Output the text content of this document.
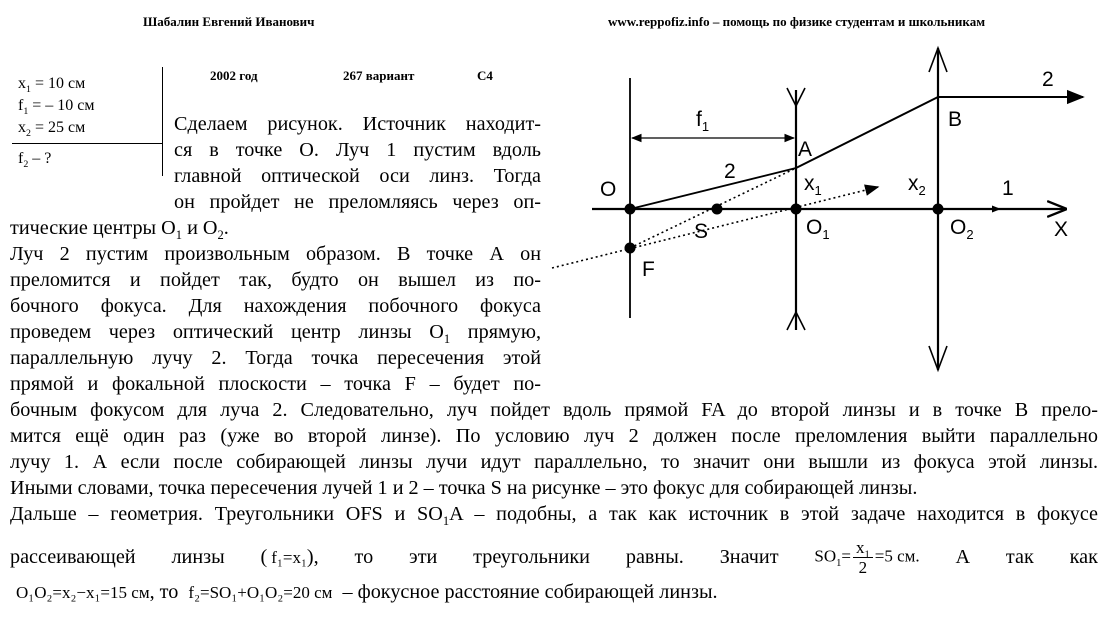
Шабалин Евгений Иванович	www.reppofiz.info – помощь по физике студентам и школьникам
2002 год	267 вариант	С4
$x_1 = 10$ см
$f_1$ = – 10 см
$x_2 = 25$ см
$f_2$ – ?
Сделаем рисунок. Источник находит-
ся в точке О. Луч 1 пустим вдоль
главной оптической оси линз. Тогда
он пройдет не преломляясь через оп-
тические центры $О_1$ и $О_2$.
Луч 2 пустим произвольным образом. В точке А он
преломится и пойдет так, будто он вышел из по-
бочного фокуса. Для нахождения побочного фокуса
проведем через оптический центр линзы $О_1$ прямую,
параллельную лучу 2. Тогда точка пересечения этой
прямой и фокальной плоскости – точка F – будет по-
бочным фокусом для луча 2. Следовательно, луч пойдет вдоль прямой FA до второй линзы и в точке B прело-
мится ещё один раз (уже во второй линзе). По условию луч 2 должен после преломления выйти параллельно
лучу 1. А если после собирающей линзы лучи идут параллельно, то значит они вышли из фокуса этой линзы.
Иными словами, точка пересечения лучей 1 и 2 – точка S на рисунке – это фокус для собирающей линзы.
Дальше – геометрия. Треугольники OFS и $SO_1A$ – подобны, а так как источник в этой задаче находится в фокусе
рассеивающей линзы ( f₁=x₁), то эти треугольники равны. Значит $SO_1= \frac{x_1}{2} =5$ см. А так как
O₁O₂=x₂−x₁=15 см, то f₂=SO₁+O₁O₂=20 см – фокусное расстояние собирающей линзы.
O
S
F
A
B
$O_1$	$O_2$
$x_1$	$x_2$
$f_1$
X
1
2
2
